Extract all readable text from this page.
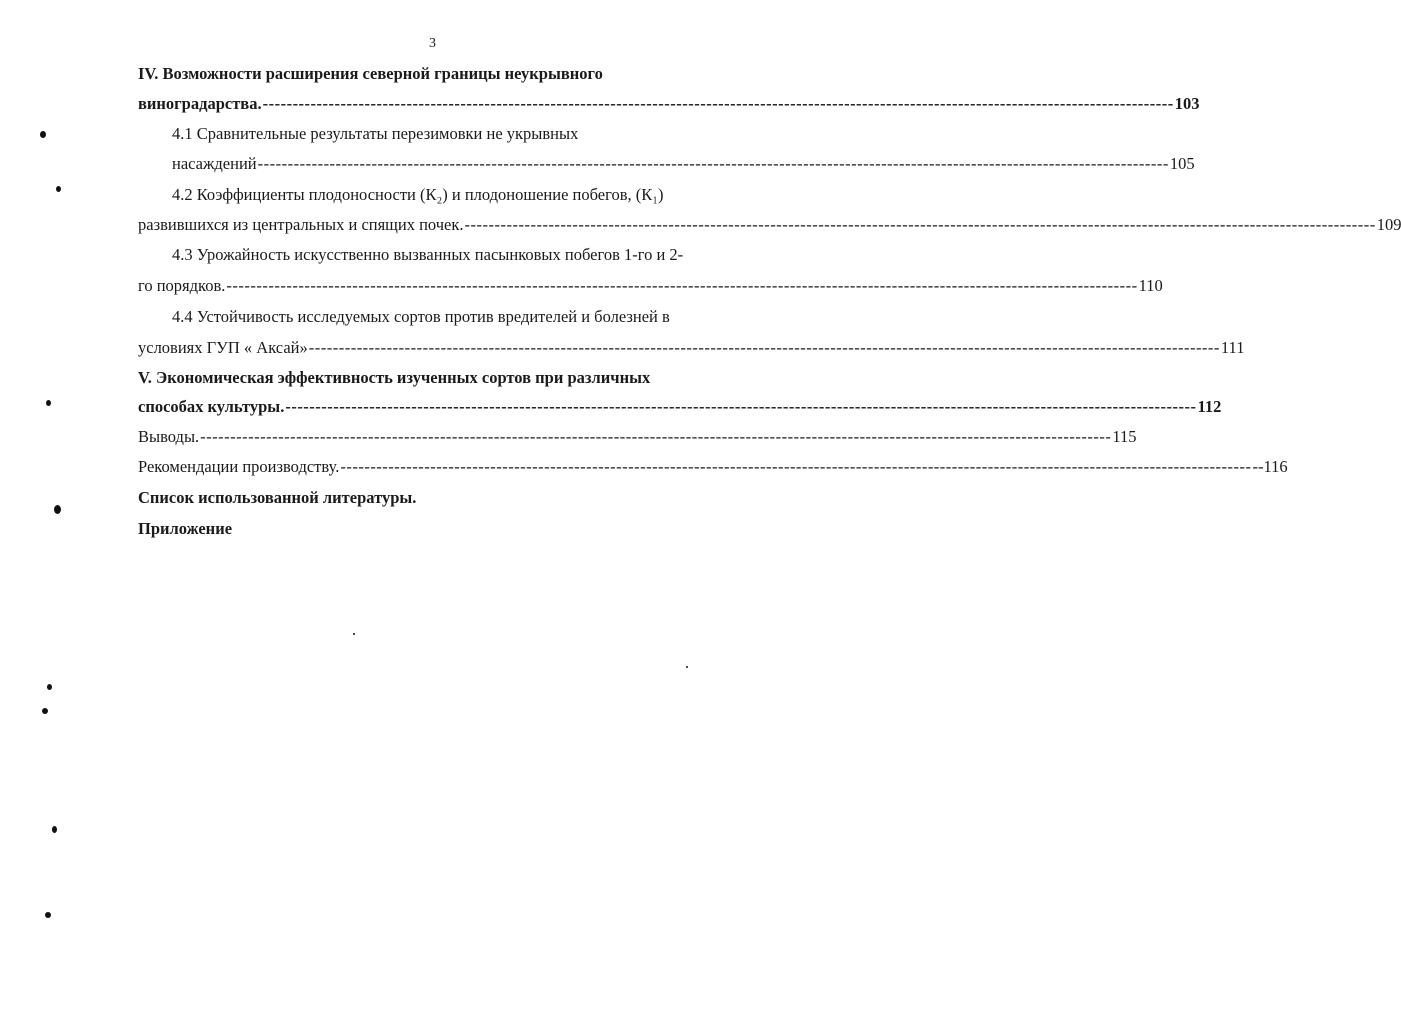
3
IV. Возможности расширения северной границы неукрывного
виноградарства. -------------------------------------------------------------------------------------------------------------------------------------------------------- 103
4.1 Сравнительные результаты перезимовки не укрывных
насаждений -------------------------------------------------------------------------------------------------------------------------------------------------------- 105
4.2 Коэффициенты плодоносности (К₂) и плодоношение побегов, (К₁)
развившихся из центральных и спящих почек. -------------------------------------------------------------------------------------------------------------------------------------------------------- 109
4.3 Урожайность искусственно вызванных пасынковых побегов 1-го и 2-
го порядков. -------------------------------------------------------------------------------------------------------------------------------------------------------- 110
4.4 Устойчивость исследуемых сортов против вредителей и болезней в
условиях ГУП « Аксай» -------------------------------------------------------------------------------------------------------------------------------------------------------- 111
V. Экономическая эффективность изученных сортов при различных
способах культуры. -------------------------------------------------------------------------------------------------------------------------------------------------------- 112
Выводы. -------------------------------------------------------------------------------------------------------------------------------------------------------- 115
Рекомендации производству. -------------------------------------------------------------------------------------------------------------------------------------------------------- --116
Список использованной литературы.
Приложение
